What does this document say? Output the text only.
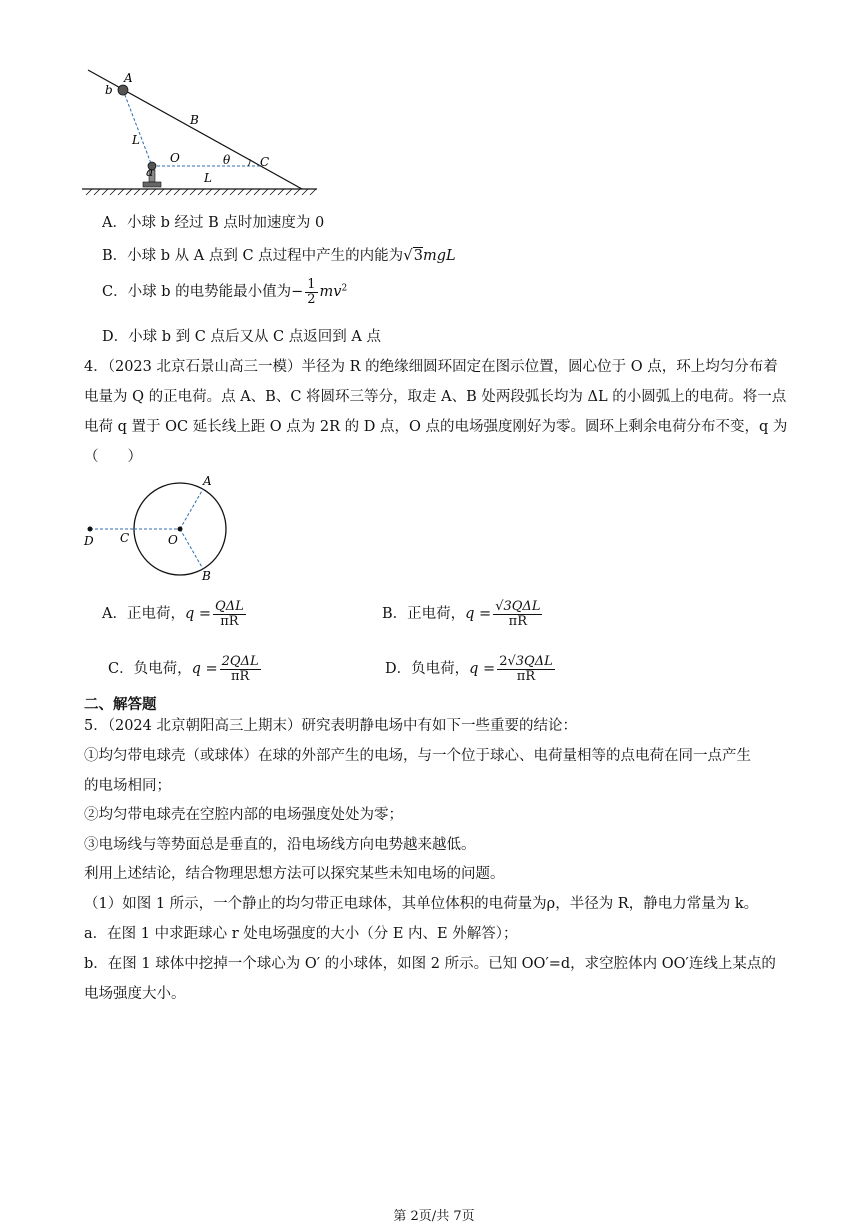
A
b
B
L
O	θ C
a	L
A．小球 b 经过 B 点时加速度为 0
B．小球 b 从 A 点到 C 点过程中产生的内能为√3mgL
C．小球 b 的电势能最小值为− $\frac{1}{2} mv^2$
D．小球 b 到 C 点后又从 C 点返回到 A 点
4．（2023 北京石景山高三一模）半径为 R 的绝缘细圆环固定在图示位置，圆心位于 O 点，环上均匀分布着
电量为 Q 的正电荷。点 A、B、C 将圆环三等分，取走 A、B 处两段弧长均为 ΔL 的小圆弧上的电荷。将一点
电荷 q 置于 OC 延长线上距 O 点为 2R 的 D 点，O 点的电场强度刚好为零。圆环上剩余电荷分布不变，q 为
（　　）
A
B
C
D	O
A．正电荷，$q = \frac{\text{QΔL}}{\pi R}$	B．正电荷，$q = \frac{\text{√3QΔL}}{\pi R}$
C．负电荷，$q = \frac{\text{2QΔL}}{\pi R}$	D．负电荷，$q = \frac{\text{2√3QΔL}}{\pi R}$
二、解答题
5．（2024 北京朝阳高三上期末）研究表明静电场中有如下一些重要的结论：
①均匀带电球壳（或球体）在球的外部产生的电场，与一个位于球心、电荷量相等的点电荷在同一点产生
的电场相同；
②均匀带电球壳在空腔内部的电场强度处处为零；
③电场线与等势面总是垂直的，沿电场线方向电势越来越低。
利用上述结论，结合物理思想方法可以探究某些未知电场的问题。
（1）如图 1 所示，一个静止的均匀带正电球体，其单位体积的电荷量为ρ，半径为 R，静电力常量为 k。
a．在图 1 中求距球心 r 处电场强度的大小（分 E 内、E 外解答）；
b．在图 1 球体中挖掉一个球心为 O′ 的小球体，如图 2 所示。已知 OO′=d，求空腔体内 OO′连线上某点的
电场强度大小。
第 2页/共 7页
